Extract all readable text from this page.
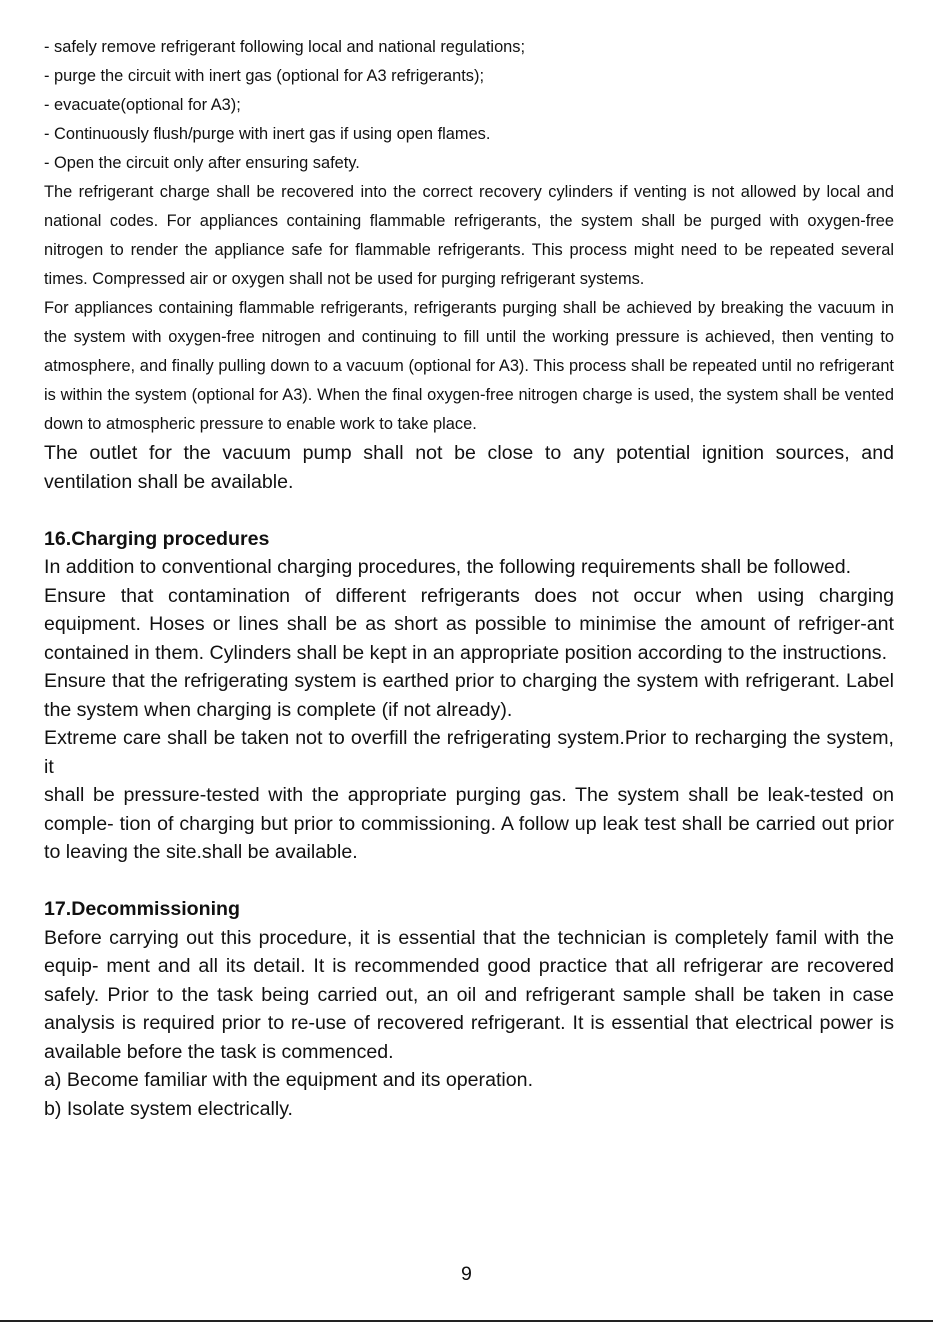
- safely remove refrigerant following local and national regulations;
- purge the circuit with inert gas (optional for A3 refrigerants);
- evacuate(optional for A3);
- Continuously flush/purge with inert gas if using open flames.
- Open the circuit only after ensuring safety.

The refrigerant charge shall be recovered into the correct recovery cylinders if venting is not allowed by local and national codes. For appliances containing flammable refrigerants, the system shall be purged with oxygen-free nitrogen to render the appliance safe for flammable refrigerants. This process might need to be repeated several times. Compressed air or oxygen shall not be used for purging refrigerant systems.

For appliances containing flammable refrigerants, refrigerants purging shall be achieved by breaking the vacuum in the system with oxygen-free nitrogen and continuing to fill until the working pressure is achieved, then venting to atmosphere, and finally pulling down to a vacuum (optional for A3). This process shall be repeated until no refrigerant is within the system (optional for A3). When the final oxygen-free nitrogen charge is used, the system shall be vented down to atmospheric pressure to enable work to take place.

The outlet for the vacuum pump shall not be close to any potential ignition sources, and ventilation shall be available.

16.Charging procedures

In addition to conventional charging procedures, the following requirements shall be followed.

Ensure that contamination of different refrigerants does not occur when using charging equipment. Hoses or lines shall be as short as possible to minimise the amount of refriger-ant contained in them. Cylinders shall be kept in an appropriate position according to the instructions.

Ensure that the refrigerating system is earthed prior to charging the system with refrigerant. Label the system when charging is complete (if not already).

Extreme care shall be taken not to overfill the refrigerating system.Prior to recharging the system, it

shall be pressure-tested with the appropriate purging gas. The system shall be leak-tested on comple- tion of charging but prior to commissioning. A follow up leak test shall be carried out prior to leaving the site.shall be available.

17.Decommissioning

Before carrying out this procedure, it is essential that the technician is completely famil with the equip- ment and all its detail. It is recommended good practice that all refrigerar are recovered safely. Prior to the task being carried out, an oil and refrigerant sample shall be taken in case analysis is required prior to re-use of recovered refrigerant. It is essential that electrical power is available before the task is commenced.

a) Become familiar with the equipment and its operation.

b) Isolate system electrically.

9
